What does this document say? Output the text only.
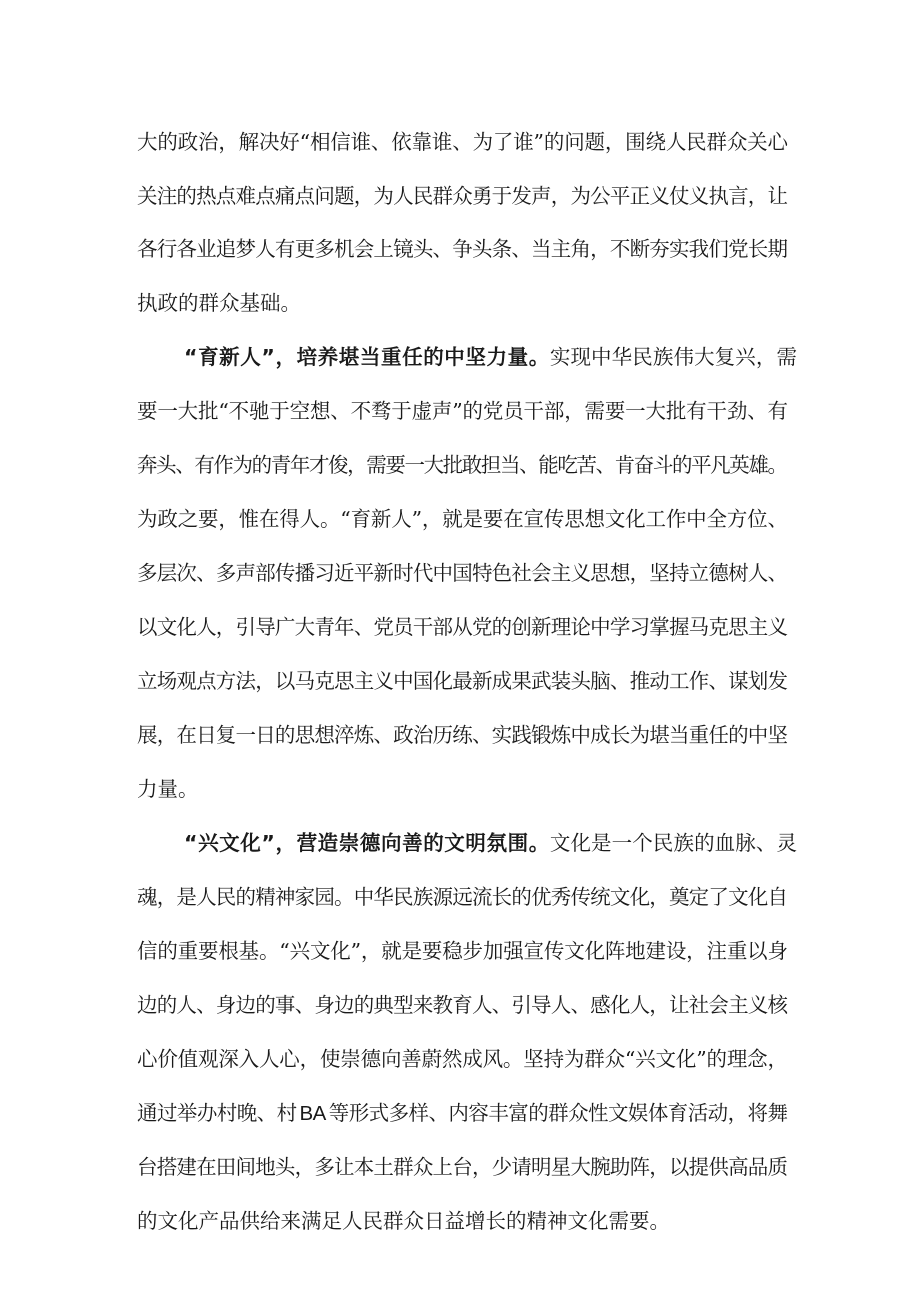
大的政治，解决好“相信谁、依靠谁、为了谁”的问题，围绕人民群众关心
关注的热点难点痛点问题，为人民群众勇于发声，为公平正义仗义执言，让
各行各业追梦人有更多机会上镜头、争头条、当主角，不断夯实我们党长期
执政的群众基础。
“育新人”，培养堪当重任的中坚力量。实现中华民族伟大复兴，需
要一大批“不驰于空想、不骛于虚声”的党员干部，需要一大批有干劲、有
奔头、有作为的青年才俊，需要一大批敢担当、能吃苦、肯奋斗的平凡英雄。
为政之要，惟在得人。“育新人”，就是要在宣传思想文化工作中全方位、
多层次、多声部传播习近平新时代中国特色社会主义思想，坚持立德树人、
以文化人，引导广大青年、党员干部从党的创新理论中学习掌握马克思主义
立场观点方法，以马克思主义中国化最新成果武装头脑、推动工作、谋划发
展，在日复一日的思想淬炼、政治历练、实践锻炼中成长为堪当重任的中坚
力量。
“兴文化”，营造崇德向善的文明氛围。文化是一个民族的血脉、灵
魂，是人民的精神家园。中华民族源远流长的优秀传统文化，奠定了文化自
信的重要根基。“兴文化”，就是要稳步加强宣传文化阵地建设，注重以身
边的人、身边的事、身边的典型来教育人、引导人、感化人，让社会主义核
心价值观深入人心，使崇德向善蔚然成风。坚持为群众“兴文化”的理念，
通过举办村晚、村 BA 等形式多样、内容丰富的群众性文娱体育活动，将舞
台搭建在田间地头，多让本土群众上台，少请明星大腕助阵，以提供高品质
的文化产品供给来满足人民群众日益增长的精神文化需要。
